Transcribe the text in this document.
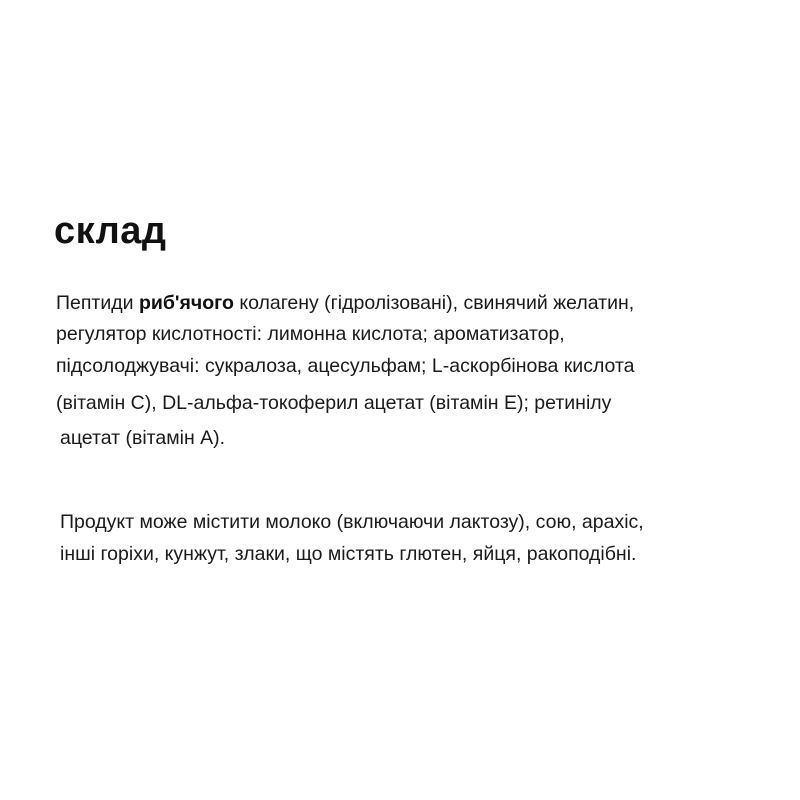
склад

Пептиди риб'ячого колагену (гідролізовані), свинячий желатин,

регулятор кислотності: лимонна кислота; ароматизатор,

підсолоджувачі: сукралоза, ацесульфам; L-аскорбінова кислота

(вітамін С), DL-альфа-токоферил ацетат (вітамін Е); ретинілу

ацетат (вітамін А).

Продукт може містити молоко (включаючи лактозу), сою, арахіс,

інші горіхи, кунжут, злаки, що містять глютен, яйця, ракоподібні.
